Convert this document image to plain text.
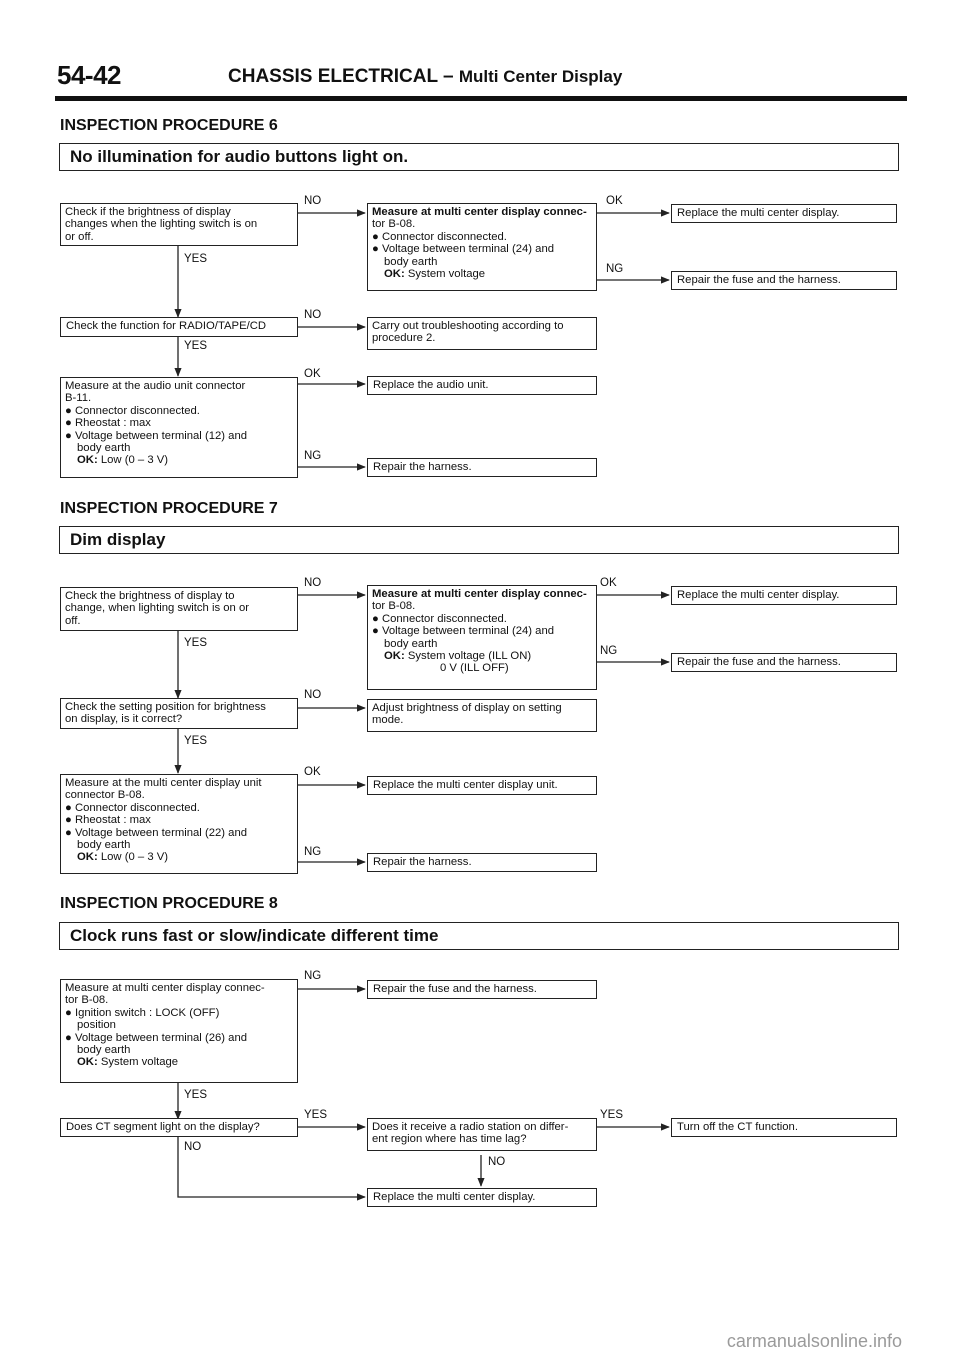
54-42	CHASSIS ELECTRICAL – Multi Center Display
INSPECTION PROCEDURE 6
No illumination for audio buttons light on.
Check if the brightness of display
changes when the lighting switch is on
or off.
NO
YES
Measure at multi center display connec-
tor B-08.
● Connector disconnected.
● Voltage between terminal (24) and
body earth
OK: System voltage
OK
NG
Replace the multi center display.
Repair the fuse and the harness.
Check the function for RADIO/TAPE/CD
NO
YES
Carry out troubleshooting according to
procedure 2.
Measure at the audio unit connector
B-11.
● Connector disconnected.
● Rheostat : max
● Voltage between terminal (12) and
body earth
OK: Low (0 – 3 V)
OK
NG
Replace the audio unit.
Repair the harness.
INSPECTION PROCEDURE 7
Dim display
Check the brightness of display to
change, when lighting switch is on or
off.
NO
YES
Measure at multi center display connec-
tor B-08.
● Connector disconnected.
● Voltage between terminal (24) and
body earth
OK: System voltage (ILL ON)
0 V (ILL OFF)
OK
NG
Replace the multi center display.
Repair the fuse and the harness.
Check the setting position for brightness
on display, is it correct?
NO
YES
Adjust brightness of display on setting
mode.
Measure at the multi center display unit
connector B-08.
● Connector disconnected.
● Rheostat : max
● Voltage between terminal (22) and
body earth
OK: Low (0 – 3 V)
OK
NG
Replace the multi center display unit.
Repair the harness.
INSPECTION PROCEDURE 8
Clock runs fast or slow/indicate different time
Measure at multi center display connec-
tor B-08.
● Ignition switch : LOCK (OFF)
position
● Voltage between terminal (26) and
body earth
OK: System voltage
NG
YES
Repair the fuse and the harness.
Does CT segment light on the display?
YES
NO
Does it receive a radio station on differ-
ent region where has time lag?
YES
NO
Turn off the CT function.
Replace the multi center display.
carmanualsonline.info
